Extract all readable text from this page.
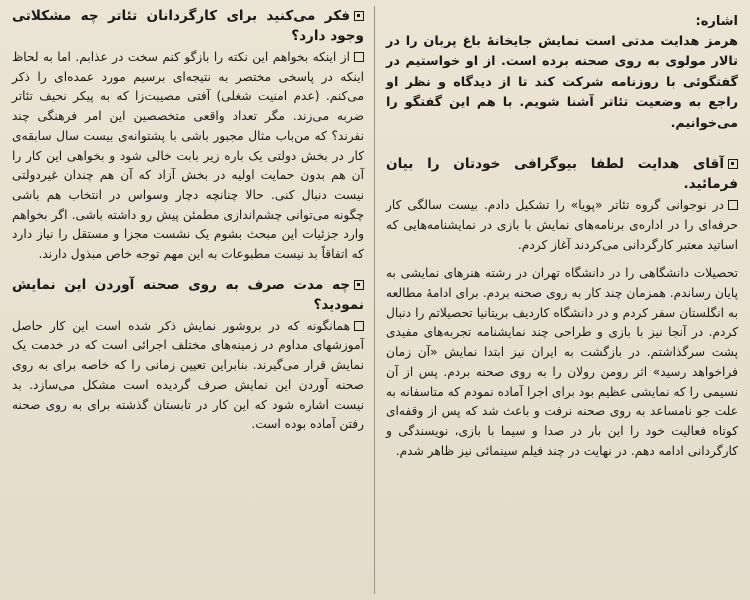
اشاره:

هرمز هدایت مدتی است نمایش جایخانهٔ باغ پربان را در تالار مولوی به روی صحنه برده است. از او خواستیم در گفتگوئی با روزنامه شرکت کند تا از دیدگاه و نظر او راجع به وضعیت تئاتر آشنا شویم. با هم این گفتگو را می‌خوانیم.

آقای هدایت لطفا بیوگرافی خودتان را بیان فرمائید.

در نوجوانی گروه تئاتر «پویا» را تشکیل دادم. بیست سالگی کار حرفه‌ای را در اداره‌ی برنامه‌های نمایش با بازی در نمایشنامه‌هایی که اساتید معتبر کارگردانی می‌کردند آغاز کردم.

تحصیلات دانشگاهی را در دانشگاه تهران در رشته هنرهای نمایشی به پایان رساندم. همزمان چند کار به روی صحنه بردم. برای ادامهٔ مطالعه به انگلستان سفر کردم و در دانشگاه کاردیف بریتانیا تحصیلاتم را دنبال کردم. در آنجا نیز با بازی و طراحی چند نمایشنامه تجربه‌های مفیدی پشت سرگذاشتم. در بازگشت به ایران نیز ابتدا نمایش «آن زمان فراخواهد رسید» اثر رومن رولان را به روی صحنه بردم. پس از آن نسیمی را که نمایشی عظیم بود برای اجرا آماده نمودم که متاسفانه به علت جو نامساعد به روی صحنه نرفت و باعث شد که پس از وقفه‌ای کوتاه فعالیت خود را این بار در صدا و سیما با بازی، نویسندگی و کارگردانی ادامه دهم. در نهایت در چند فیلم سینمائی نیز ظاهر شدم.

فکر می‌کنید برای کارگردانان تئاتر چه مشکلاتی وجود دارد؟

از اینکه بخواهم این نکته را بازگو کنم سخت در عذابم. اما به لحاظ اینکه در پاسخی مختصر به نتیجه‌ای برسیم مورد عمده‌ای را ذکر می‌کنم. (عدم امنیت شغلی) آفتی مصیبت‌زا که به پیکر نحیف تئاتر ضربه می‌زند. مگر تعداد واقعی متخصصین این امر فرهنگی چند نفرند؟ که من‌باب مثال مجبور باشی با پشتوانه‌ی بیست سال سابقه‌ی کار در بخش دولتی یک باره زیر بابت خالی شود و بخواهی این کار را آن هم بدون حمایت اولیه در بخش آزاد که آن هم چندان غیردولتی نیست دنبال کنی. حالا چنانچه دچار وسواس در انتخاب هم باشی چگونه می‌توانی چشم‌اندازی مطمئن پیش رو داشته باشی. اگر بخواهم وارد جزئیات این مبحث بشوم یک نشست مجزا و مستقل را نیاز دارد که اتفاقاً بد نیست مطبوعات به این مهم توجه خاص مبذول دارند.

چه مدت صرف به روی صحنه آوردن این نمایش نمودید؟

همانگونه که در بروشور نمایش ذکر شده است این کار حاصل آموزشهای مداوم در زمینه‌های مختلف اجرائی است که در خدمت یک نمایش قرار می‌گیرند. بنابراین تعیین زمانی را که خاصه برای به روی صحنه آوردن این نمایش صرف گردیده است مشکل می‌سازد. بد نیست اشاره شود که این کار در تابستان گذشته برای به روی صحنه رفتن آماده بوده است.
